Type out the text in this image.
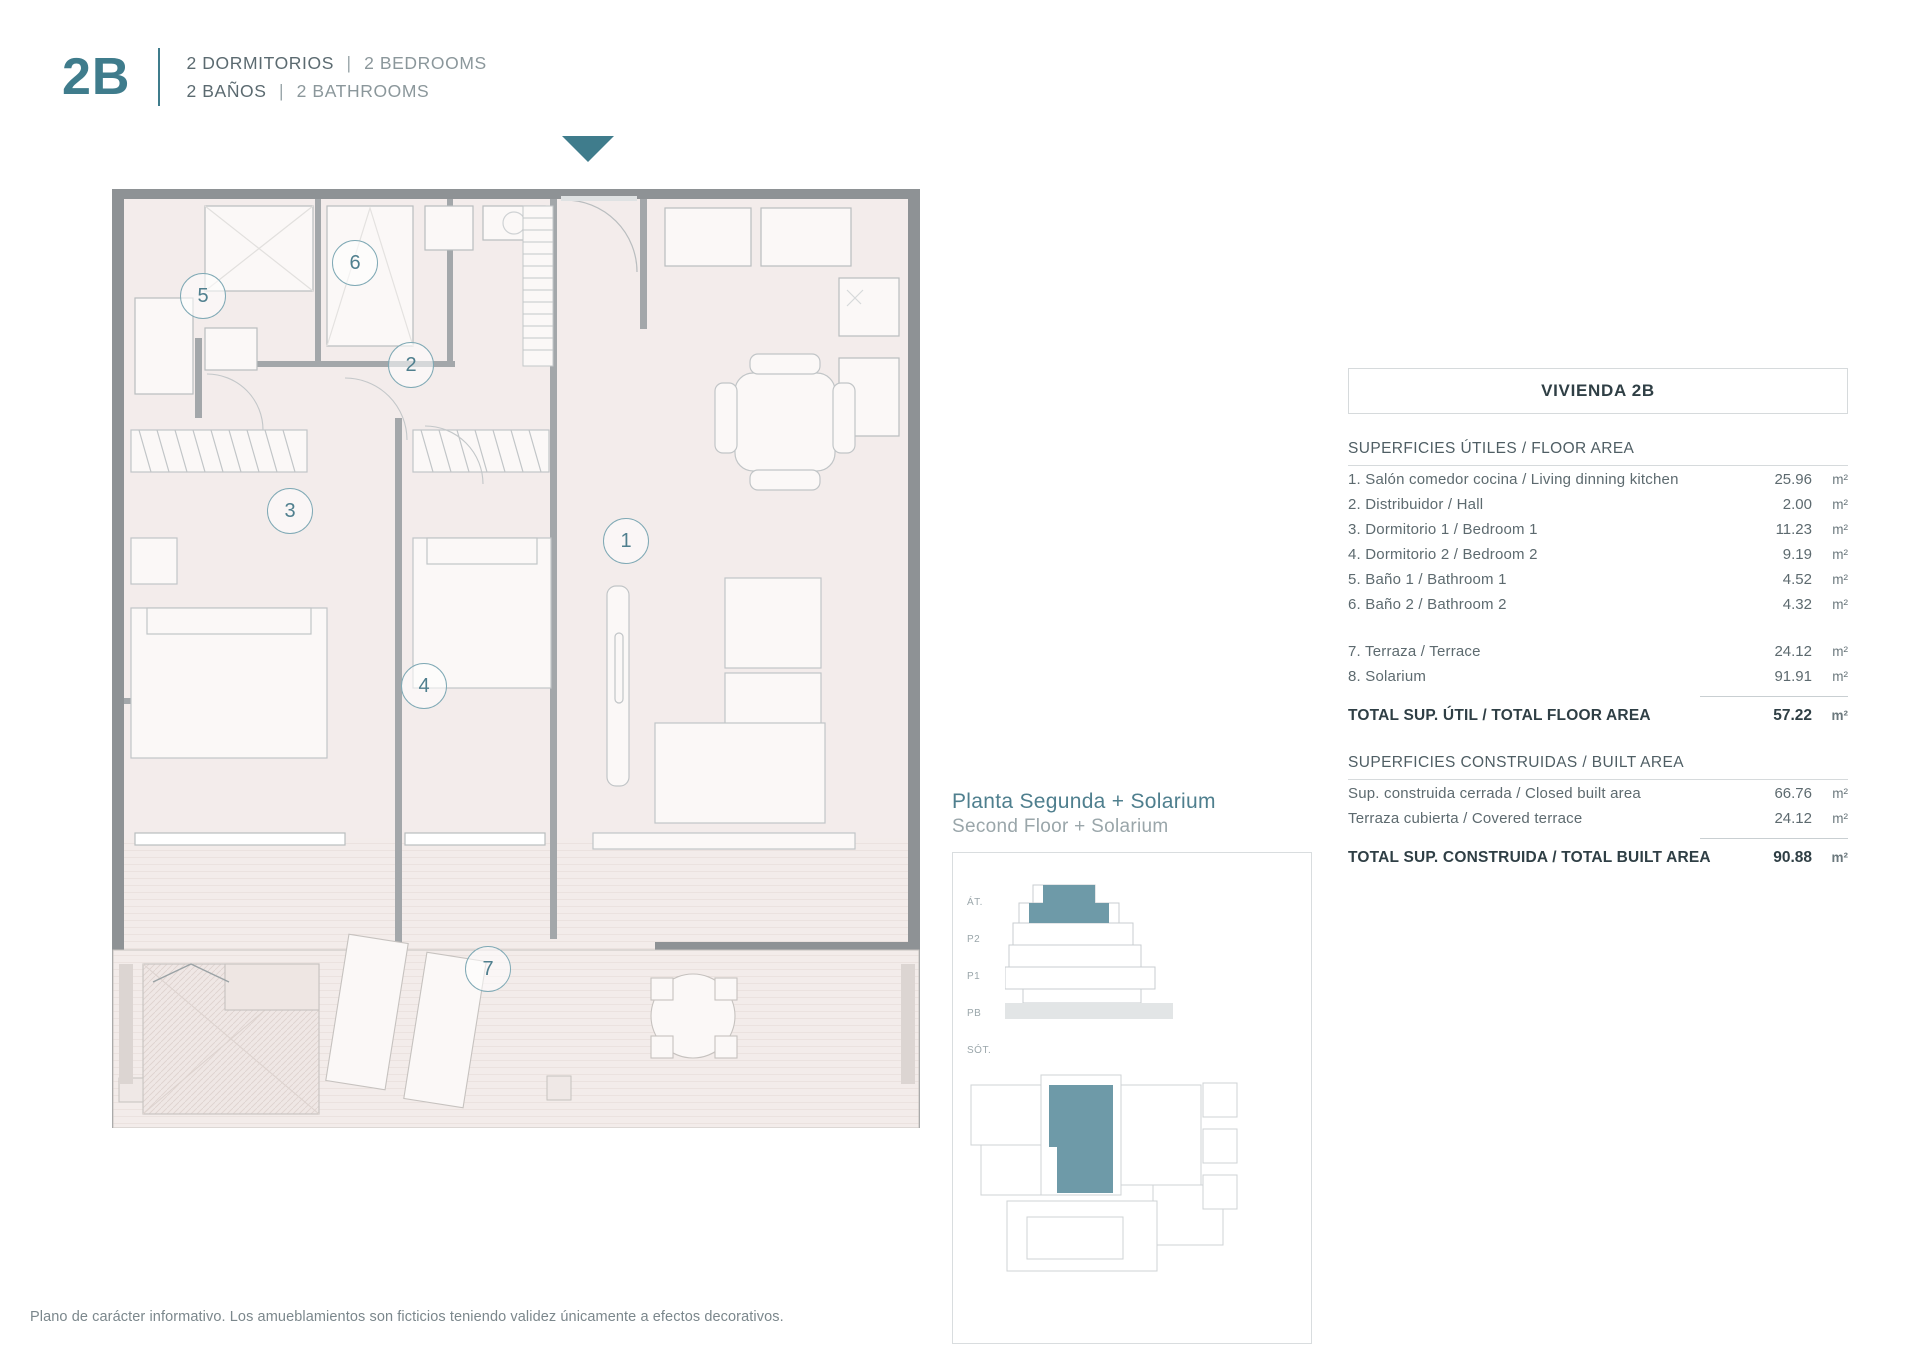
2B	2 DORMITORIOS | 2 BEDROOMS
2 BAÑOS | 2 BATHROOMS
5
6
2
3
1
4
7
Planta Segunda + Solarium
Second Floor + Solarium
ÁT.
P2
P1
PB
SÓT.
VIVIENDA 2B
SUPERFICIES ÚTILES / FLOOR AREA
1. Salón comedor cocina / Living dinning kitchen	25.96	m²
2. Distribuidor / Hall	2.00	m²
3. Dormitorio 1 / Bedroom 1	11.23	m²
4. Dormitorio 2 / Bedroom 2	9.19	m²
5. Baño 1 / Bathroom 1	4.52	m²
6. Baño 2 / Bathroom 2	4.32	m²
7. Terraza / Terrace	24.12	m²
8. Solarium	91.91	m²
TOTAL SUP. ÚTIL / TOTAL FLOOR AREA	57.22	m²
SUPERFICIES CONSTRUIDAS / BUILT AREA
Sup. construida cerrada / Closed built area	66.76	m²
Terraza cubierta / Covered terrace	24.12	m²
TOTAL SUP. CONSTRUIDA / TOTAL BUILT AREA	90.88	m²
Plano de carácter informativo. Los amueblamientos son ficticios teniendo validez únicamente a efectos decorativos.
